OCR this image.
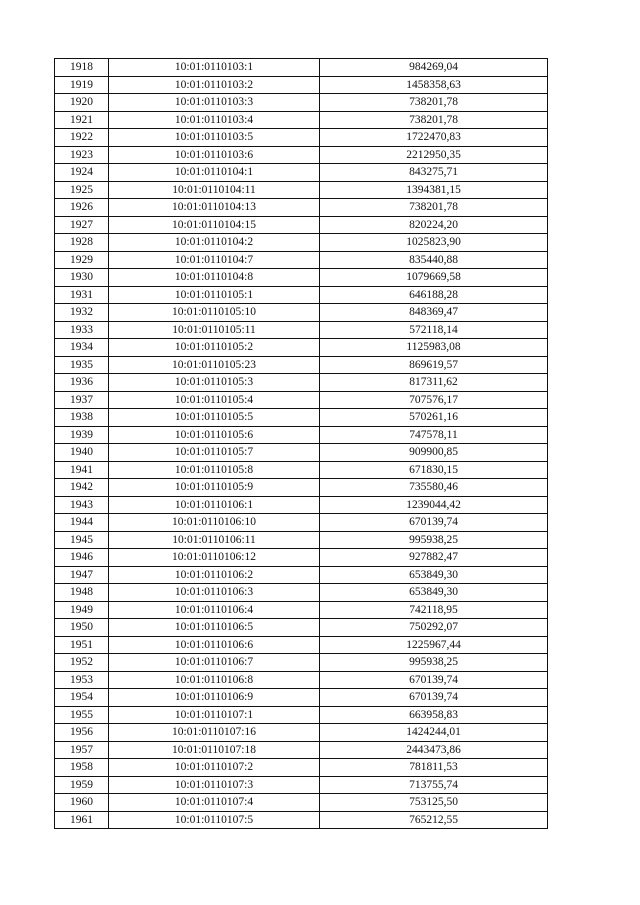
1918	10:01:0110103:1	984269,04
1919	10:01:0110103:2	1458358,63
1920	10:01:0110103:3	738201,78
1921	10:01:0110103:4	738201,78
1922	10:01:0110103:5	1722470,83
1923	10:01:0110103:6	2212950,35
1924	10:01:0110104:1	843275,71
1925	10:01:0110104:11	1394381,15
1926	10:01:0110104:13	738201,78
1927	10:01:0110104:15	820224,20
1928	10:01:0110104:2	1025823,90
1929	10:01:0110104:7	835440,88
1930	10:01:0110104:8	1079669,58
1931	10:01:0110105:1	646188,28
1932	10:01:0110105:10	848369,47
1933	10:01:0110105:11	572118,14
1934	10:01:0110105:2	1125983,08
1935	10:01:0110105:23	869619,57
1936	10:01:0110105:3	817311,62
1937	10:01:0110105:4	707576,17
1938	10:01:0110105:5	570261,16
1939	10:01:0110105:6	747578,11
1940	10:01:0110105:7	909900,85
1941	10:01:0110105:8	671830,15
1942	10:01:0110105:9	735580,46
1943	10:01:0110106:1	1239044,42
1944	10:01:0110106:10	670139,74
1945	10:01:0110106:11	995938,25
1946	10:01:0110106:12	927882,47
1947	10:01:0110106:2	653849,30
1948	10:01:0110106:3	653849,30
1949	10:01:0110106:4	742118,95
1950	10:01:0110106:5	750292,07
1951	10:01:0110106:6	1225967,44
1952	10:01:0110106:7	995938,25
1953	10:01:0110106:8	670139,74
1954	10:01:0110106:9	670139,74
1955	10:01:0110107:1	663958,83
1956	10:01:0110107:16	1424244,01
1957	10:01:0110107:18	2443473,86
1958	10:01:0110107:2	781811,53
1959	10:01:0110107:3	713755,74
1960	10:01:0110107:4	753125,50
1961	10:01:0110107:5	765212,55
